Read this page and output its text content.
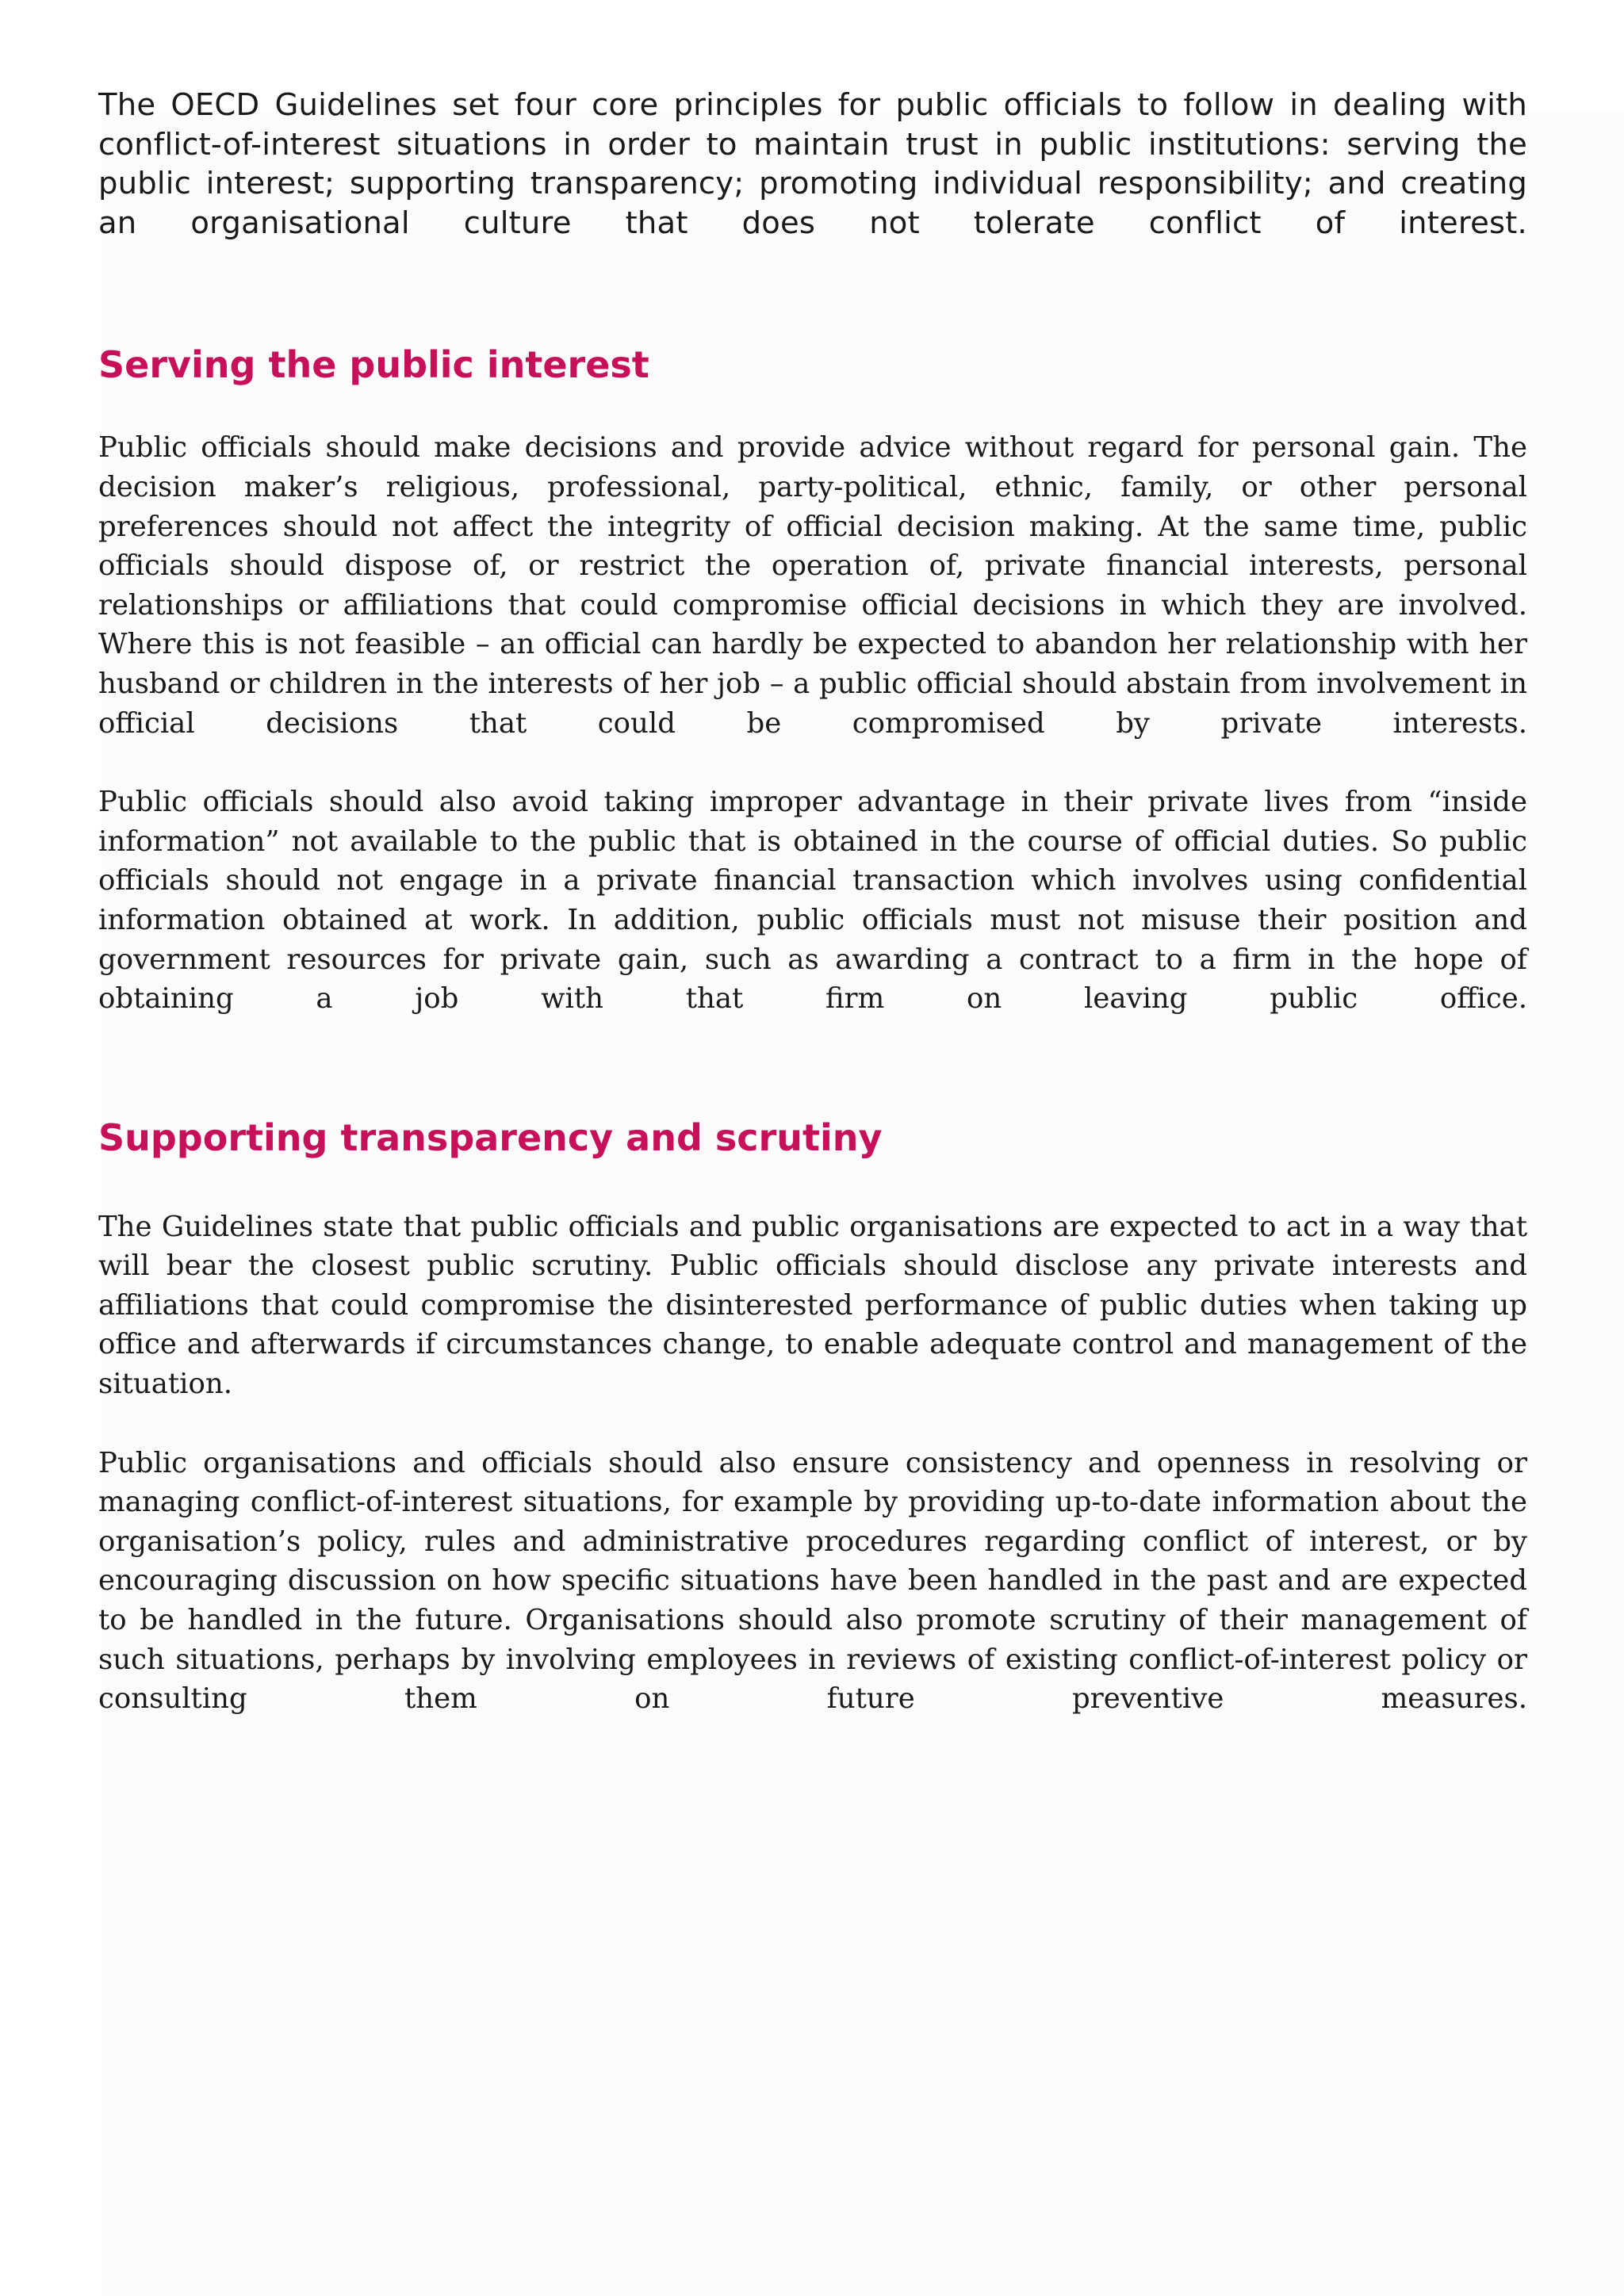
The OECD Guidelines set four core principles for public officials to follow in dealing with conflict-of-interest situations in order to maintain trust in public institutions: serving the public interest; supporting transparency; promoting individual responsibility; and creating an organisational culture that does not tolerate conflict of interest.

Serving the public interest

Public officials should make decisions and provide advice without regard for personal gain. The decision maker’s religious, professional, party-political, ethnic, family, or other personal preferences should not affect the integrity of official decision making. At the same time, public officials should dispose of, or restrict the operation of, private financial interests, personal relationships or affiliations that could compromise official decisions in which they are involved. Where this is not feasible – an official can hardly be expected to abandon her relationship with her husband or children in the interests of her job – a public official should abstain from involvement in official decisions that could be compromised by private interests.

Public officials should also avoid taking improper advantage in their private lives from “inside information” not available to the public that is obtained in the course of official duties. So public officials should not engage in a private financial transaction which involves using confidential information obtained at work. In addition, public officials must not misuse their position and government resources for private gain, such as awarding a contract to a firm in the hope of obtaining a job with that firm on leaving public office.

Supporting transparency and scrutiny

The Guidelines state that public officials and public organisations are expected to act in a way that will bear the closest public scrutiny. Public officials should disclose any private interests and affiliations that could compromise the disinterested performance of public duties when taking up office and afterwards if circumstances change, to enable adequate control and management of the situation.

Public organisations and officials should also ensure consistency and openness in resolving or managing conflict-of-interest situations, for example by providing up-to-date information about the organisation’s policy, rules and administrative procedures regarding conflict of interest, or by encouraging discussion on how specific situations have been handled in the past and are expected to be handled in the future. Organisations should also promote scrutiny of their management of such situations, perhaps by involving employees in reviews of existing conflict-of-interest policy or consulting them on future preventive measures.
